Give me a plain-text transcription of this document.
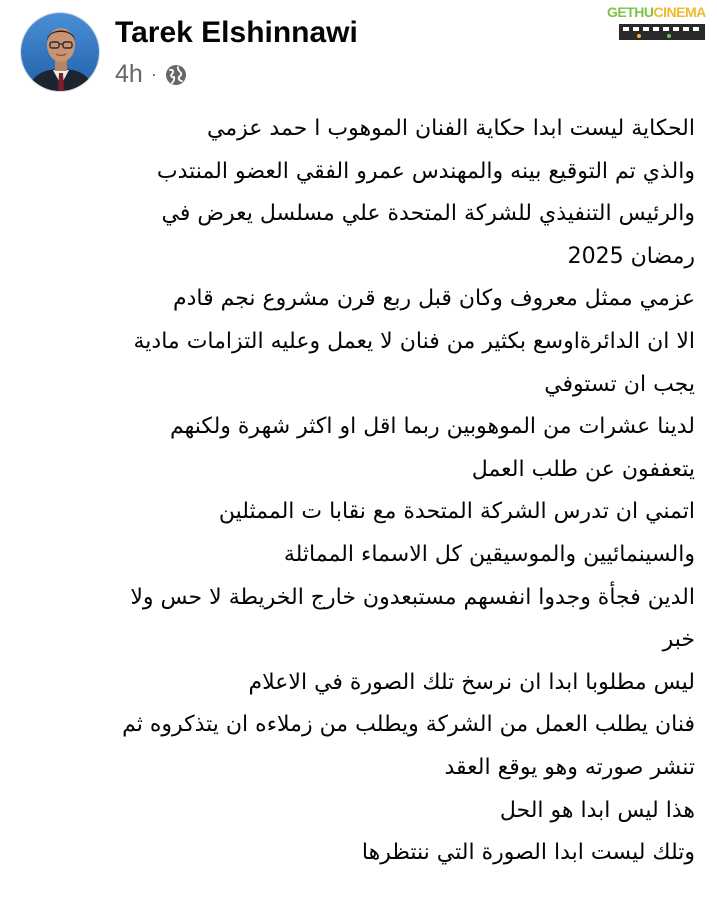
Tarek Elshinnawi
4h ·
GETHUCINEMA
الحكاية ليست ابدا حكاية الفنان الموهوب ا حمد عزمي
والذي تم التوقيع بينه والمهندس عمرو الفقي العضو المنتدب
والرئيس التنفيذي للشركة المتحدة علي مسلسل يعرض في
رمضان 2025
عزمي ممثل معروف وكان قبل ربع قرن مشروع نجم قادم
الا ان الدائرةاوسع بكثير من فنان لا يعمل وعليه التزامات مادية
يجب ان تستوفي
لدينا عشرات من الموهوبين ربما اقل او اكثر شهرة ولكنهم
يتعففون عن طلب العمل
اتمني ان تدرس الشركة المتحدة مع نقابا ت الممثلين
والسينمائيين والموسيقين كل الاسماء المماثلة
الدين فجأة وجدوا انفسهم مستبعدون خارج الخريطة لا حس ولا
خبر
ليس مطلوبا ابدا ان نرسخ تلك الصورة في الاعلام
فنان يطلب العمل من الشركة ويطلب من زملاءه ان يتذكروه ثم
تنشر صورته وهو يوقع العقد
هذا ليس ابدا هو الحل
وتلك ليست ابدا الصورة التي ننتظرها
